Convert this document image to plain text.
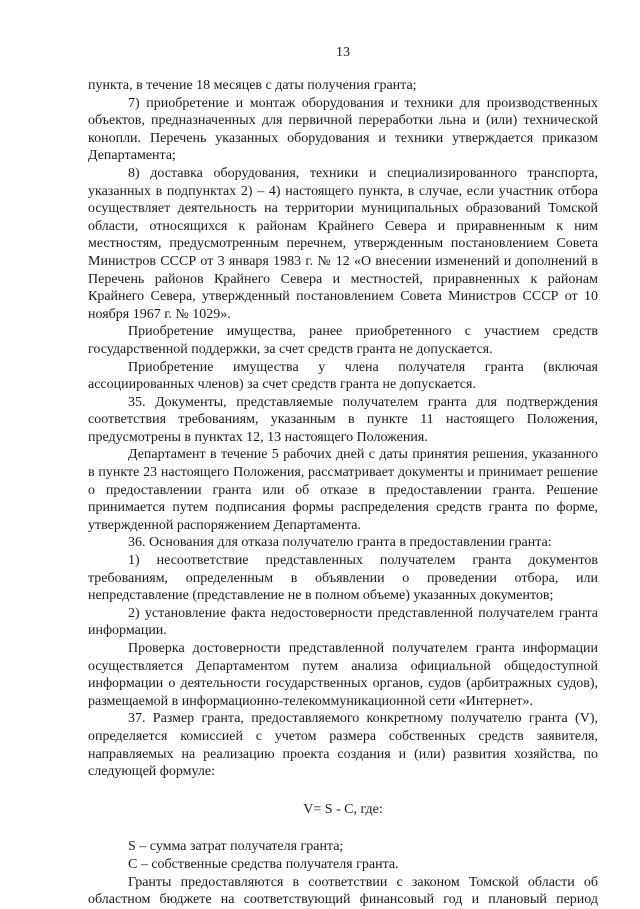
13

пункта, в течение 18 месяцев с даты получения гранта;

7) приобретение и монтаж оборудования и техники для производственных объектов, предназначенных для первичной переработки льна и (или) технической конопли. Перечень указанных оборудования и техники утверждается приказом Департамента;

8) доставка оборудования, техники и специализированного транспорта, указанных в подпунктах 2) – 4) настоящего пункта, в случае, если участник отбора осуществляет деятельность на территории муниципальных образований Томской области, относящихся к районам Крайнего Севера и приравненным к ним местностям, предусмотренным перечнем, утвержденным постановлением Совета Министров СССР от 3 января 1983 г. № 12 «О внесении изменений и дополнений в Перечень районов Крайнего Севера и местностей, приравненных к районам Крайнего Севера, утвержденный постановлением Совета Министров СССР от 10 ноября 1967 г. № 1029».

Приобретение имущества, ранее приобретенного с участием средств государственной поддержки, за счет средств гранта не допускается.

Приобретение имущества у члена получателя гранта (включая ассоциированных членов) за счет средств гранта не допускается.

35. Документы, представляемые получателем гранта для подтверждения соответствия требованиям, указанным в пункте 11 настоящего Положения, предусмотрены в пунктах 12, 13 настоящего Положения.

Департамент в течение 5 рабочих дней с даты принятия решения, указанного в пункте 23 настоящего Положения, рассматривает документы и принимает решение о предоставлении гранта или об отказе в предоставлении гранта. Решение принимается путем подписания формы распределения средств гранта по форме, утвержденной распоряжением Департамента.

36. Основания для отказа получателю гранта в предоставлении гранта:

1) несоответствие представленных получателем гранта документов требованиям, определенным в объявлении о проведении отбора, или непредставление (представление не в полном объеме) указанных документов;

2) установление факта недостоверности представленной получателем гранта информации.

Проверка достоверности представленной получателем гранта информации осуществляется Департаментом путем анализа официальной общедоступной информации о деятельности государственных органов, судов (арбитражных судов), размещаемой в информационно-телекоммуникационной сети «Интернет».

37. Размер гранта, предоставляемого конкретному получателю гранта (V), определяется комиссией с учетом размера собственных средств заявителя, направляемых на реализацию проекта создания и (или) развития хозяйства, по следующей формуле:

V= S - C, где:

S – сумма затрат получателя гранта;

C – собственные средства получателя гранта.

Гранты предоставляются в соответствии с законом Томской области об областном бюджете на соответствующий финансовый год и плановый период
